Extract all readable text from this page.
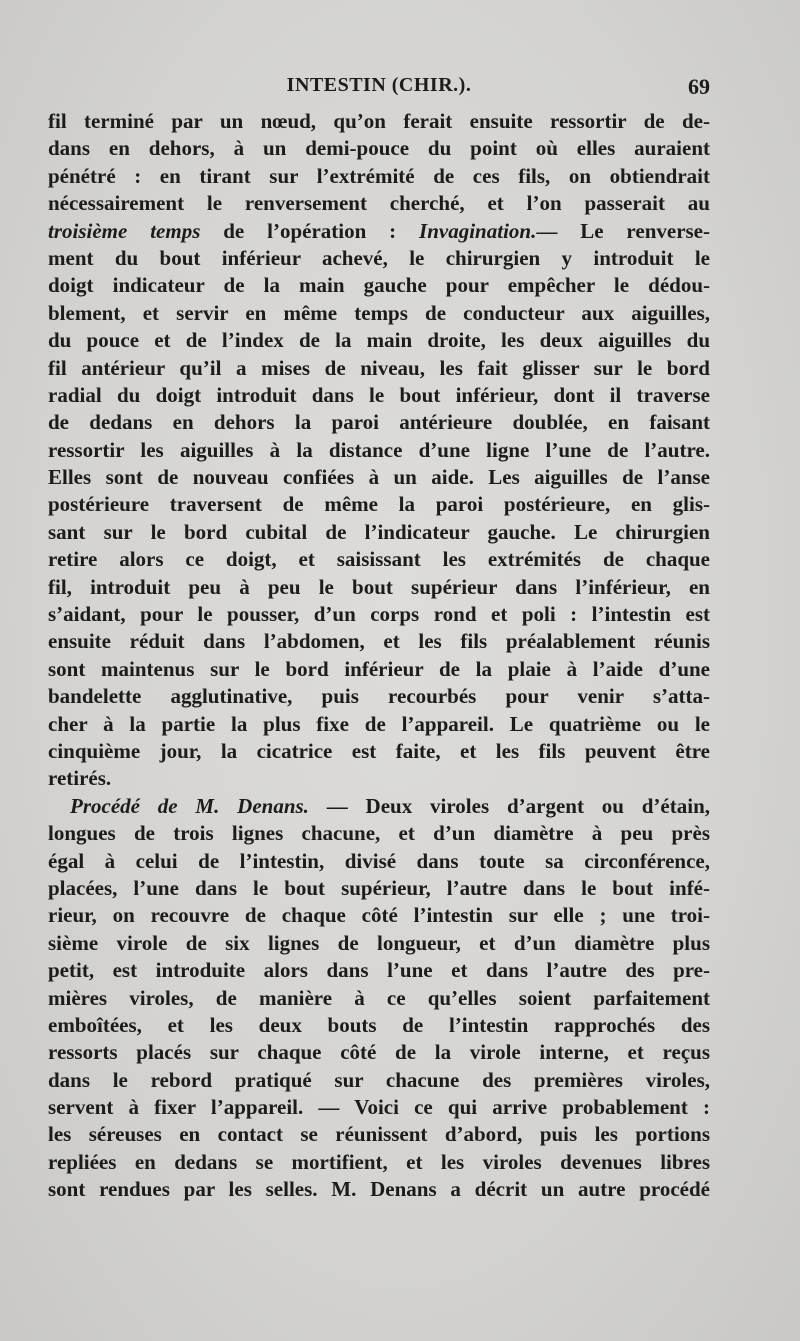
INTESTIN (CHIR.).	69
fil terminé par un nœud, qu’on ferait ensuite ressortir de de-
dans en dehors, à un demi-pouce du point où elles auraient
pénétré : en tirant sur l’extrémité de ces fils, on obtiendrait
nécessairement le renversement cherché, et l’on passerait au
troisième temps de l’opération : Invagination.— Le renverse-
ment du bout inférieur achevé, le chirurgien y introduit le
doigt indicateur de la main gauche pour empêcher le dédou-
blement, et servir en même temps de conducteur aux aiguilles,
du pouce et de l’index de la main droite, les deux aiguilles du
fil antérieur qu’il a mises de niveau, les fait glisser sur le bord
radial du doigt introduit dans le bout inférieur, dont il traverse
de dedans en dehors la paroi antérieure doublée, en faisant
ressortir les aiguilles à la distance d’une ligne l’une de l’autre.
Elles sont de nouveau confiées à un aide. Les aiguilles de l’anse
postérieure traversent de même la paroi postérieure, en glis-
sant sur le bord cubital de l’indicateur gauche. Le chirurgien
retire alors ce doigt, et saisissant les extrémités de chaque
fil, introduit peu à peu le bout supérieur dans l’inférieur, en
s’aidant, pour le pousser, d’un corps rond et poli : l’intestin est
ensuite réduit dans l’abdomen, et les fils préalablement réunis
sont maintenus sur le bord inférieur de la plaie à l’aide d’une
bandelette agglutinative, puis recourbés pour venir s’atta-
cher à la partie la plus fixe de l’appareil. Le quatrième ou le
cinquième jour, la cicatrice est faite, et les fils peuvent être
retirés.
Procédé de M. Denans. — Deux viroles d’argent ou d’étain,
longues de trois lignes chacune, et d’un diamètre à peu près
égal à celui de l’intestin, divisé dans toute sa circonférence,
placées, l’une dans le bout supérieur, l’autre dans le bout infé-
rieur, on recouvre de chaque côté l’intestin sur elle ; une troi-
sième virole de six lignes de longueur, et d’un diamètre plus
petit, est introduite alors dans l’une et dans l’autre des pre-
mières viroles, de manière à ce qu’elles soient parfaitement
emboîtées, et les deux bouts de l’intestin rapprochés des
ressorts placés sur chaque côté de la virole interne, et reçus
dans le rebord pratiqué sur chacune des premières viroles,
servent à fixer l’appareil. — Voici ce qui arrive probablement :
les séreuses en contact se réunissent d’abord, puis les portions
repliées en dedans se mortifient, et les viroles devenues libres
sont rendues par les selles. M. Denans a décrit un autre procédé
